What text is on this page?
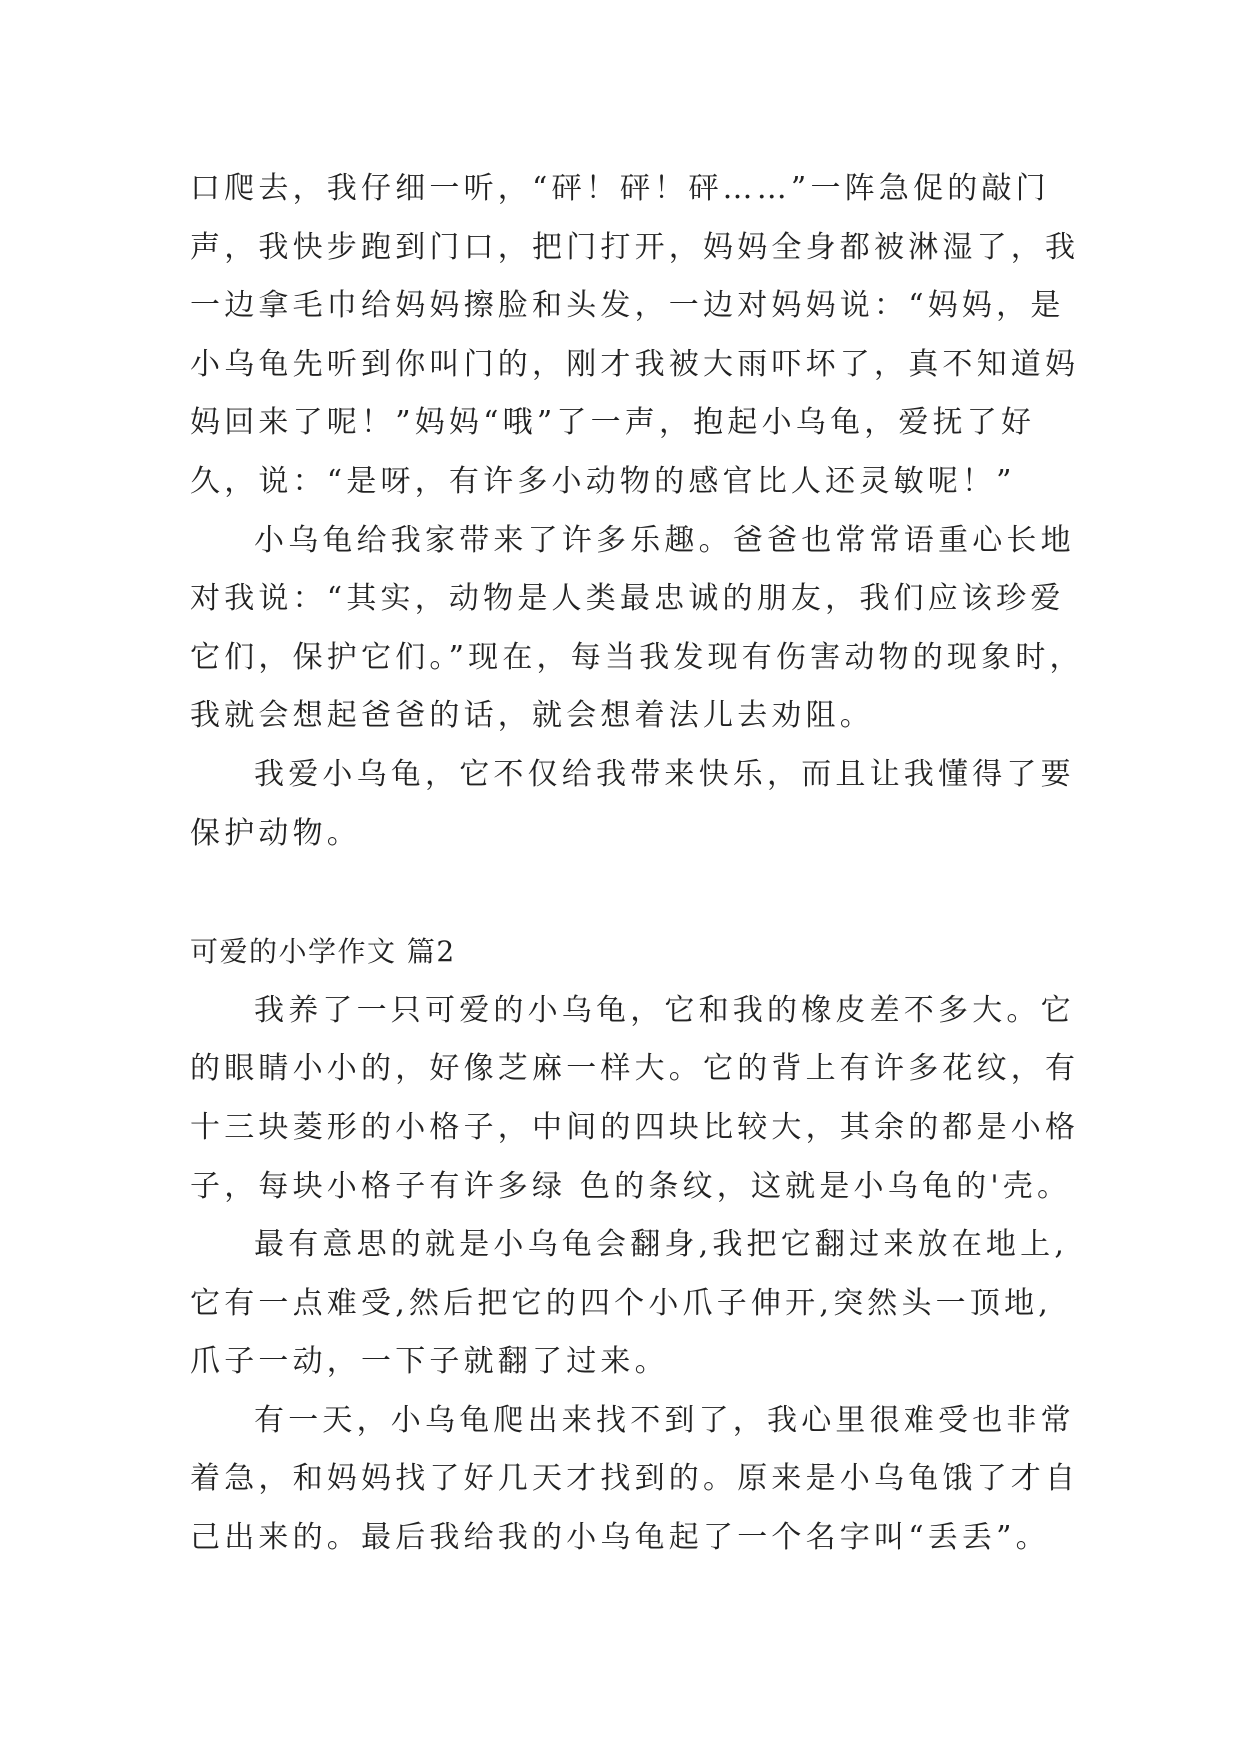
口爬去，我仔细一听，“砰！砰！砰……”一阵急促的敲门
声，我快步跑到门口，把门打开，妈妈全身都被淋湿了，我
一边拿毛巾给妈妈擦脸和头发，一边对妈妈说：“妈妈，是
小乌龟先听到你叫门的，刚才我被大雨吓坏了，真不知道妈
妈回来了呢！”妈妈“哦”了一声，抱起小乌龟，爱抚了好
久，说：“是呀，有许多小动物的感官比人还灵敏呢！”
小乌龟给我家带来了许多乐趣。爸爸也常常语重心长地
对我说：“其实，动物是人类最忠诚的朋友，我们应该珍爱
它们，保护它们。”现在，每当我发现有伤害动物的现象时，
我就会想起爸爸的话，就会想着法儿去劝阻。
我爱小乌龟，它不仅给我带来快乐，而且让我懂得了要
保护动物。
可爱的小学作文 篇2
我养了一只可爱的小乌龟，它和我的橡皮差不多大。它
的眼睛小小的，好像芝麻一样大。它的背上有许多花纹，有
十三块菱形的小格子，中间的四块比较大，其余的都是小格
子，每块小格子有许多绿 色的条纹，这就是小乌龟的'壳。
最有意思的就是小乌龟会翻身,我把它翻过来放在地上,
它有一点难受,然后把它的四个小爪子伸开,突然头一顶地,
爪子一动，一下子就翻了过来。
有一天，小乌龟爬出来找不到了，我心里很难受也非常
着急，和妈妈找了好几天才找到的。原来是小乌龟饿了才自
己出来的。最后我给我的小乌龟起了一个名字叫“丢丢”。
